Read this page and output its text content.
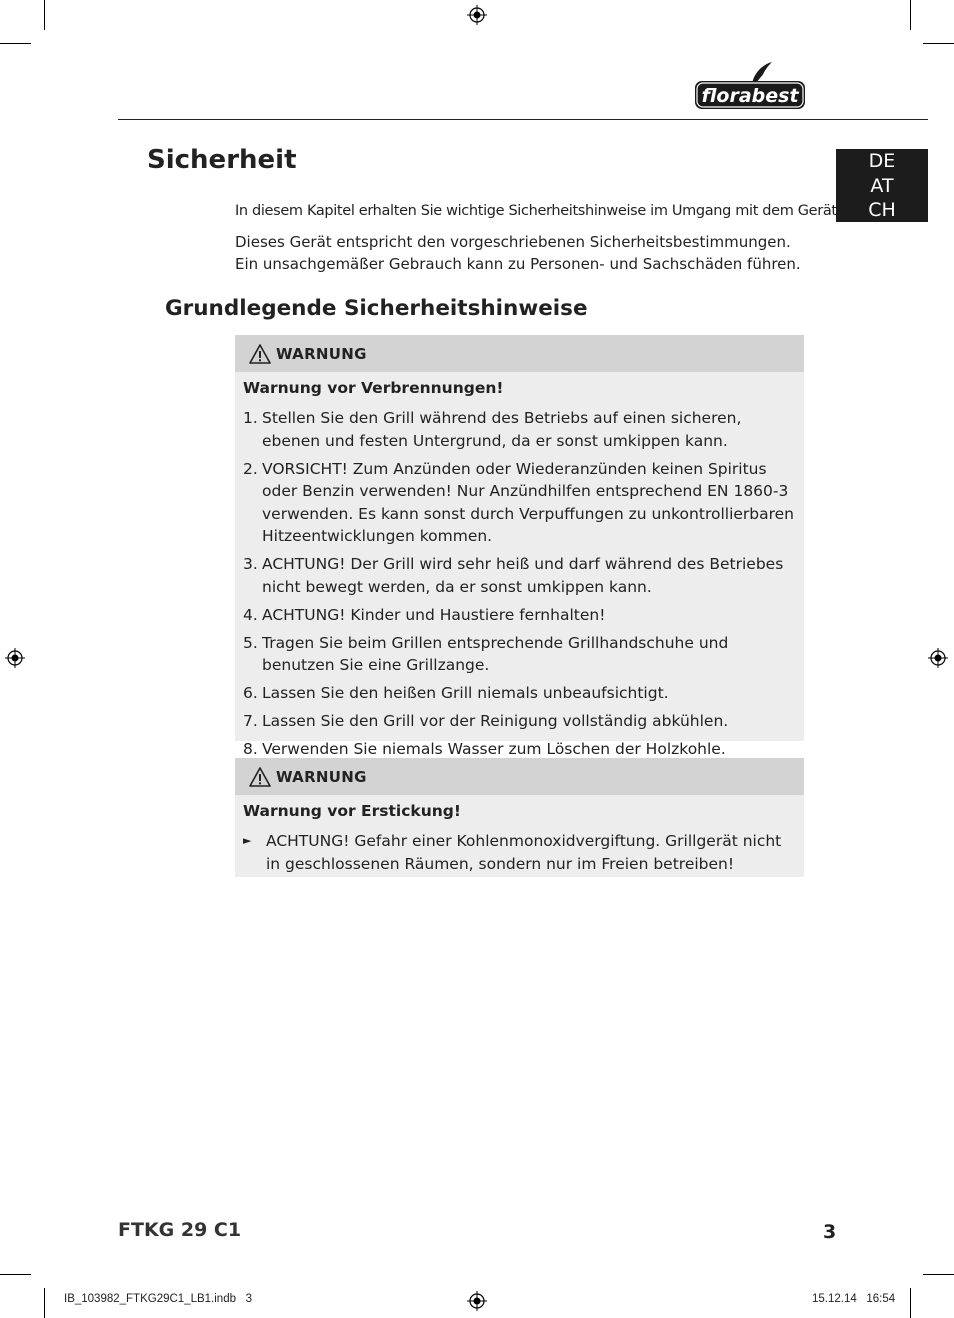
florabest
DE
AT
CH
Sicherheit
In diesem Kapitel erhalten Sie wichtige Sicherheitshinweise im Umgang mit dem Gerät.
Dieses Gerät entspricht den vorgeschriebenen Sicherheitsbestimmungen.
Ein unsachgemäßer Gebrauch kann zu Personen- und Sachschäden führen.
Grundlegende Sicherheitshinweise
WARNUNG
Warnung vor Verbrennungen!
1. Stellen Sie den Grill während des Betriebs auf einen sicheren, ebenen und festen Untergrund, da er sonst umkippen kann.
2. VORSICHT! Zum Anzünden oder Wiederanzünden keinen Spiritus oder Benzin verwenden! Nur Anzündhilfen entsprechend EN 1860-3 verwenden. Es kann sonst durch Verpuffungen zu unkontrollierbaren Hitzeentwicklungen kommen.
3. ACHTUNG! Der Grill wird sehr heiß und darf während des Betriebes nicht bewegt werden, da er sonst umkippen kann.
4. ACHTUNG! Kinder und Haustiere fernhalten!
5. Tragen Sie beim Grillen entsprechende Grillhandschuhe und benutzen Sie eine Grillzange.
6. Lassen Sie den heißen Grill niemals unbeaufsichtigt.
7. Lassen Sie den Grill vor der Reinigung vollständig abkühlen.
8. Verwenden Sie niemals Wasser zum Löschen der Holzkohle.
WARNUNG
Warnung vor Erstickung!
► ACHTUNG! Gefahr einer Kohlenmonoxidvergiftung. Grillgerät nicht in geschlossenen Räumen, sondern nur im Freien betreiben!
FTKG 29 C1	3
IB_103982_FTKG29C1_LB1.indb   3	15.12.14   16:54
